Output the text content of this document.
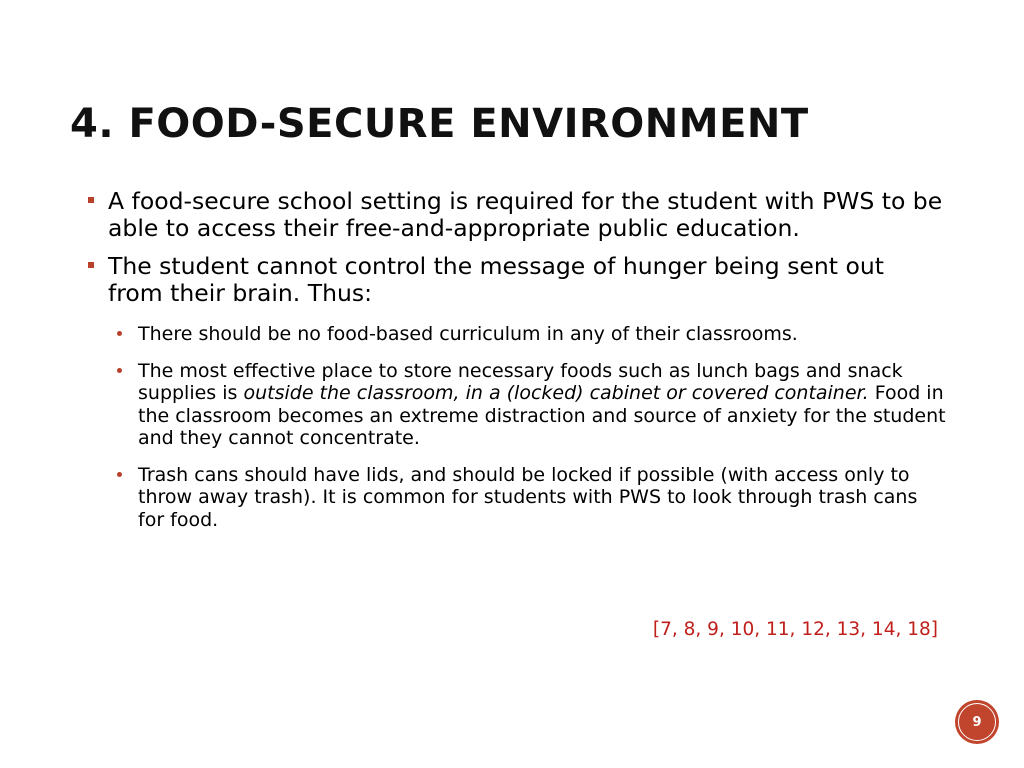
4. FOOD-SECURE ENVIRONMENT
A food-secure school setting is required for the student with PWS to be able to access their free-and-appropriate public education.
The student cannot control the message of hunger being sent out from their brain. Thus:
There should be no food-based curriculum in any of their classrooms.
The most effective place to store necessary foods such as lunch bags and snack supplies is outside the classroom, in a (locked) cabinet or covered container. Food in the classroom becomes an extreme distraction and source of anxiety for the student and they cannot concentrate.
Trash cans should have lids, and should be locked if possible (with access only to throw away trash). It is common for students with PWS to look through trash cans for food.
[7, 8, 9, 10, 11, 12, 13, 14, 18]
9
